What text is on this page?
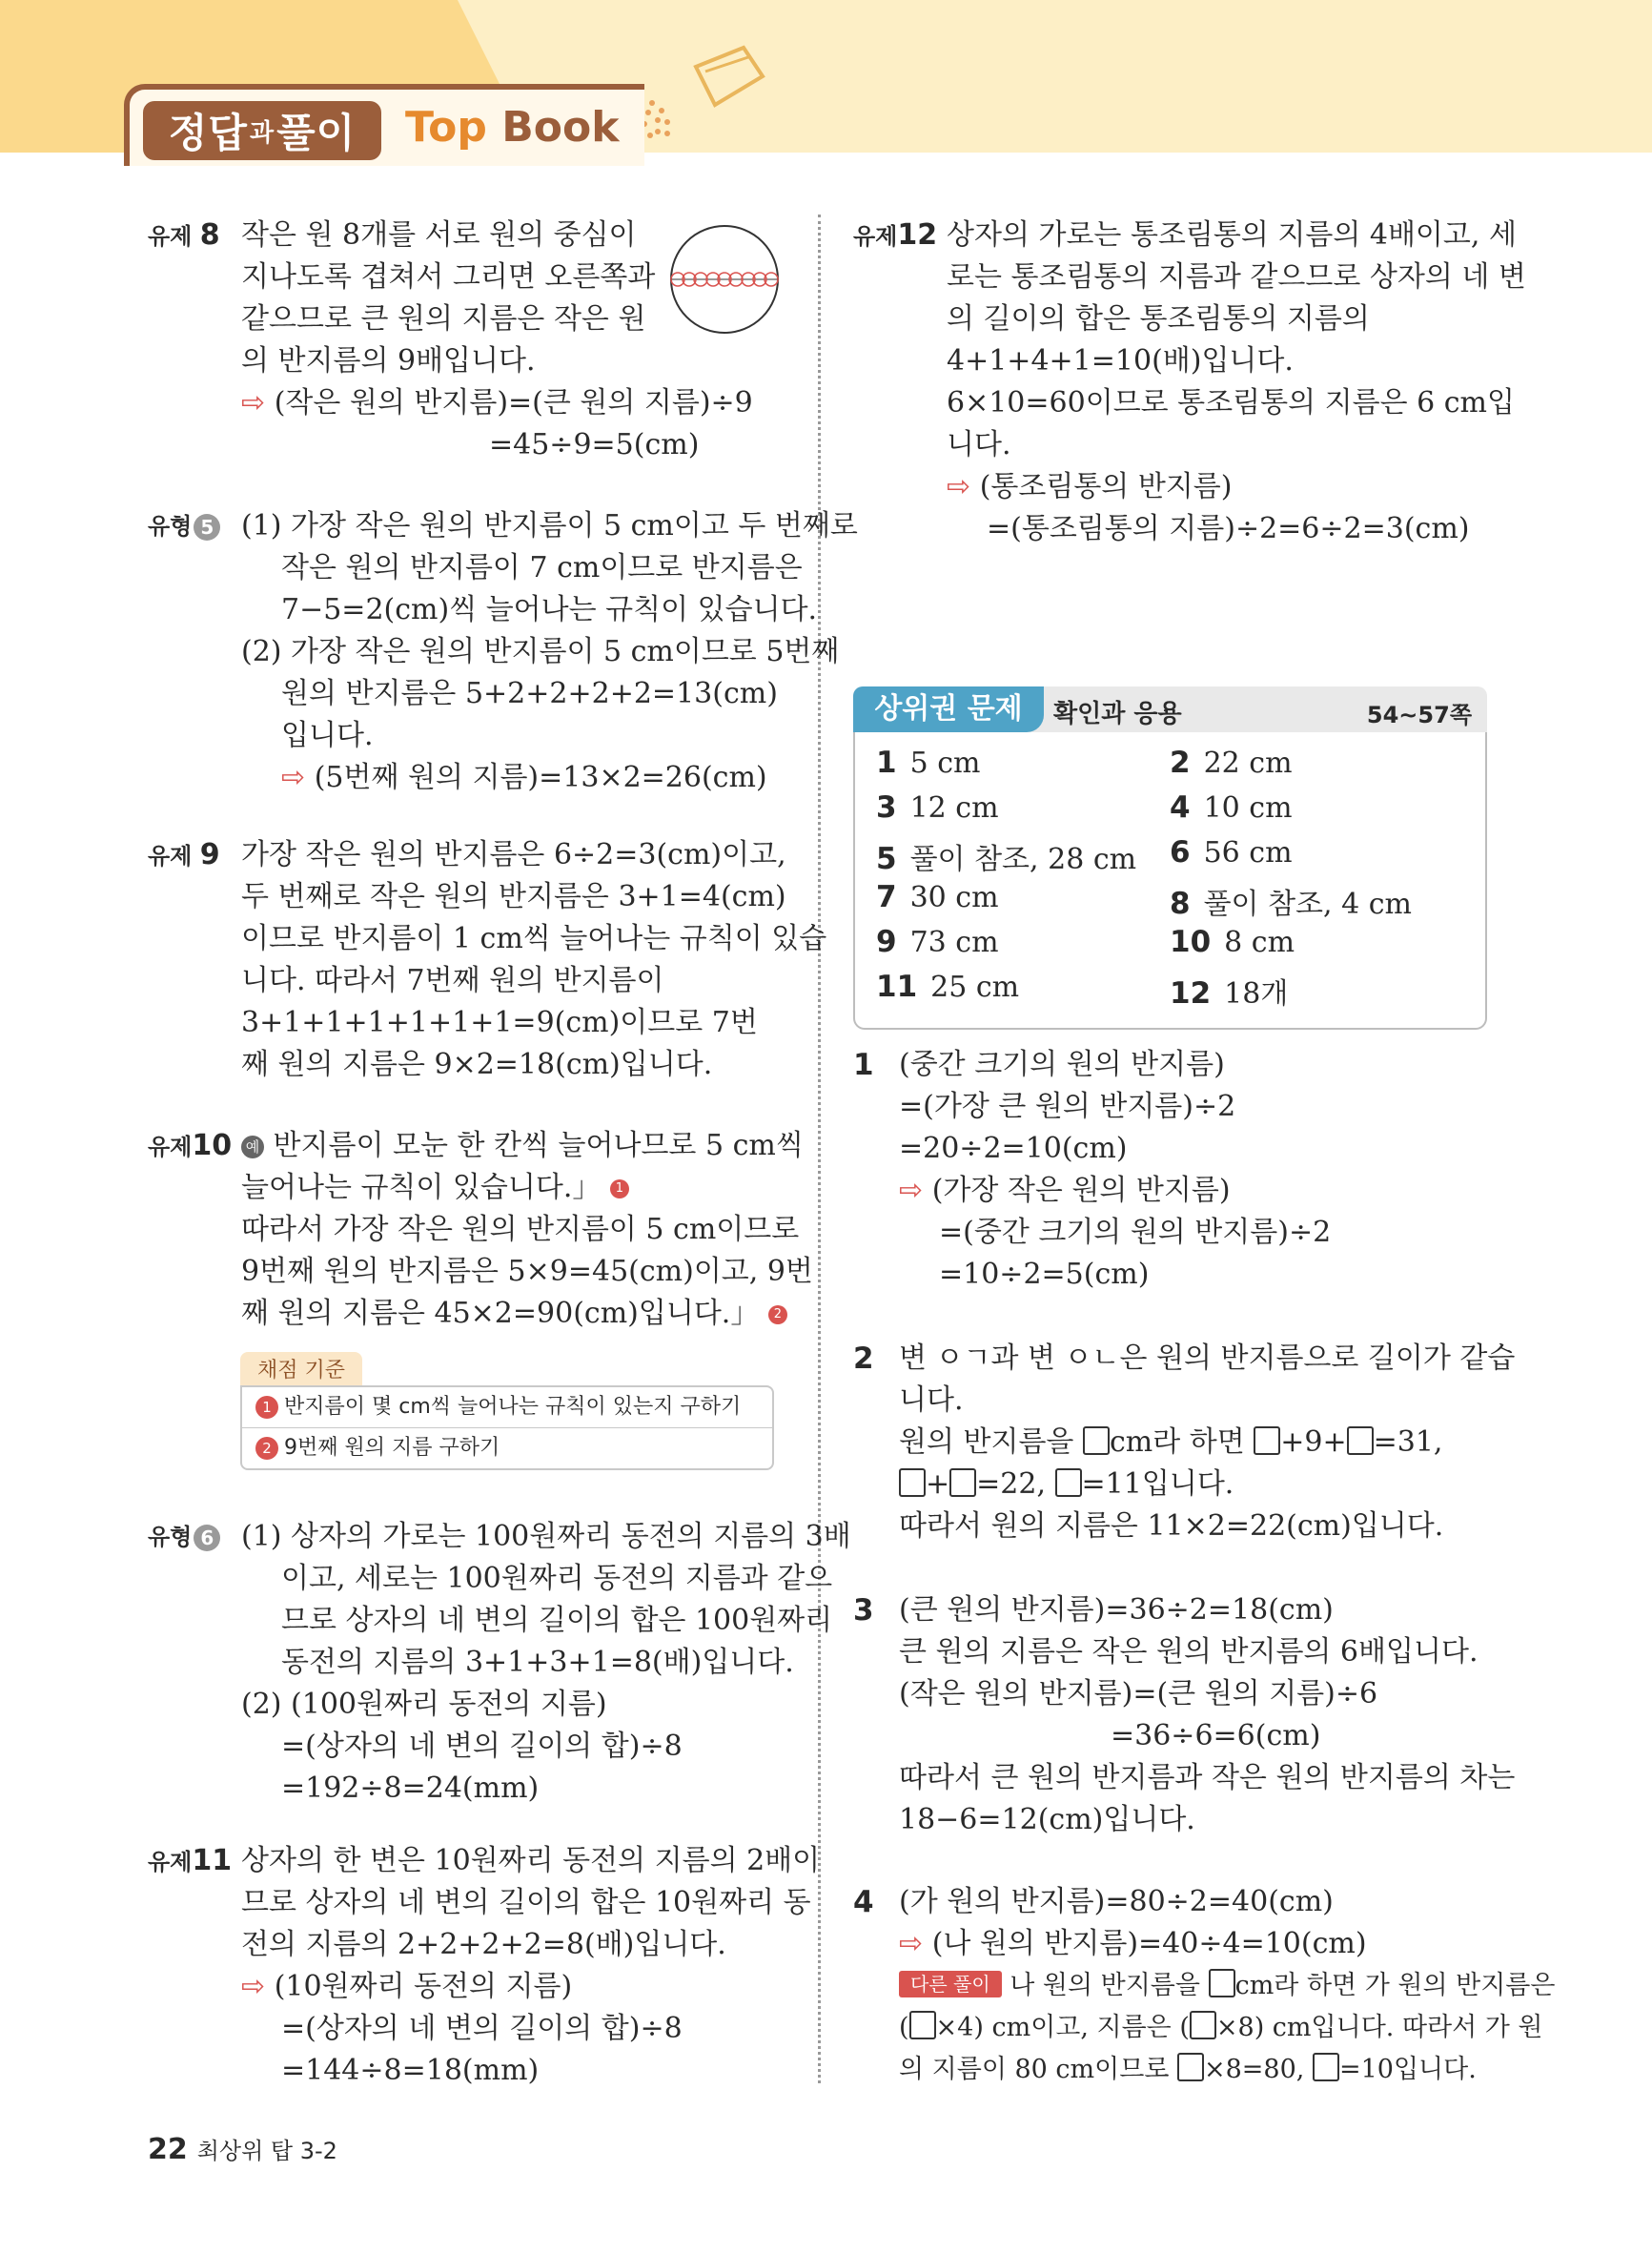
정답 과 풀이 Top Book
유제 8 작은 원 8개를 서로 원의 중심이
지나도록 겹쳐서 그리면 오른쪽과
같으므로 큰 원의 지름은 작은 원
의 반지름의 9배입니다.
⇨ (작은 원의 반지름)=(큰 원의 지름)÷9
=45÷9=5(cm)
유형 5 (1) 가장 작은 원의 반지름이 5 cm이고 두 번째로
작은 원의 반지름이 7 cm이므로 반지름은
7−5=2(cm)씩 늘어나는 규칙이 있습니다.
(2) 가장 작은 원의 반지름이 5 cm이므로 5번째
원의 반지름은 5+2+2+2+2=13(cm)
입니다.
⇨ (5번째 원의 지름)=13×2=26(cm)
유제 9 가장 작은 원의 반지름은 6÷2=3(cm)이고,
두 번째로 작은 원의 반지름은 3+1=4(cm)
이므로 반지름이 1 cm씩 늘어나는 규칙이 있습
니다. 따라서 7번째 원의 반지름이
3+1+1+1+1+1+1=9(cm)이므로 7번
째 원의 지름은 9×2=18(cm)입니다.
유제10 예 반지름이 모눈 한 칸씩 늘어나므로 5 cm씩
늘어나는 규칙이 있습니다.」 1
따라서 가장 작은 원의 반지름이 5 cm이므로
9번째 원의 반지름은 5×9=45(cm)이고, 9번
째 원의 지름은 45×2=90(cm)입니다.」 2
유형 6 (1) 상자의 가로는 100원짜리 동전의 지름의 3배
이고, 세로는 100원짜리 동전의 지름과 같으
므로 상자의 네 변의 길이의 합은 100원짜리
동전의 지름의 3+1+3+1=8(배)입니다.
(2) (100원짜리 동전의 지름)
=(상자의 네 변의 길이의 합)÷8
=192÷8=24(mm)
유제11 상자의 한 변은 10원짜리 동전의 지름의 2배이
므로 상자의 네 변의 길이의 합은 10원짜리 동
전의 지름의 2+2+2+2=8(배)입니다.
⇨ (10원짜리 동전의 지름)
=(상자의 네 변의 길이의 합)÷8
=144÷8=18(mm)
채점 기준
1 반지름이 몇 cm씩 늘어나는 규칙이 있는지 구하기
2 9번째 원의 지름 구하기
유제12 상자의 가로는 통조림통의 지름의 4배이고, 세
로는 통조림통의 지름과 같으므로 상자의 네 변
의 길이의 합은 통조림통의 지름의
4+1+4+1=10(배)입니다.
6×10=60이므로 통조림통의 지름은 6 cm입
니다.
⇨ (통조림통의 반지름)
=(통조림통의 지름)÷2=6÷2=3(cm)
상위권 문제	확인과 응용	54~57쪽
1 5 cm	2 22 cm
3 12 cm	4 10 cm
5 풀이 참조, 28 cm 6 56 cm
7 30 cm	8 풀이 참조, 4 cm
9 73 cm	10 8 cm
11 25 cm	12 18개
1 (중간 크기의 원의 반지름)
=(가장 큰 원의 반지름)÷2
=20÷2=10(cm)
⇨ (가장 작은 원의 반지름)
=(중간 크기의 원의 반지름)÷2
=10÷2=5(cm)
2 변 ㅇㄱ과 변 ㅇㄴ은 원의 반지름으로 길이가 같습
니다.
원의 반지름을 cm라 하면 +9+ =31,
+ =22, =11입니다.
따라서 원의 지름은 11×2=22(cm)입니다.
3 (큰 원의 반지름)=36÷2=18(cm)
큰 원의 지름은 작은 원의 반지름의 6배입니다.
(작은 원의 반지름)=(큰 원의 지름)÷6
=36÷6=6(cm)
따라서 큰 원의 반지름과 작은 원의 반지름의 차는
18−6=12(cm)입니다.
4 (가 원의 반지름)=80÷2=40(cm)
⇨ (나 원의 반지름)=40÷4=10(cm)
다른 풀이 나 원의 반지름을 cm라 하면 가 원의 반지름은
( ×4) cm이고, 지름은 ( ×8) cm입니다. 따라서 가 원
의 지름이 80 cm이므로 ×8=80, =10입니다.
22 최상위 탑 3-2
